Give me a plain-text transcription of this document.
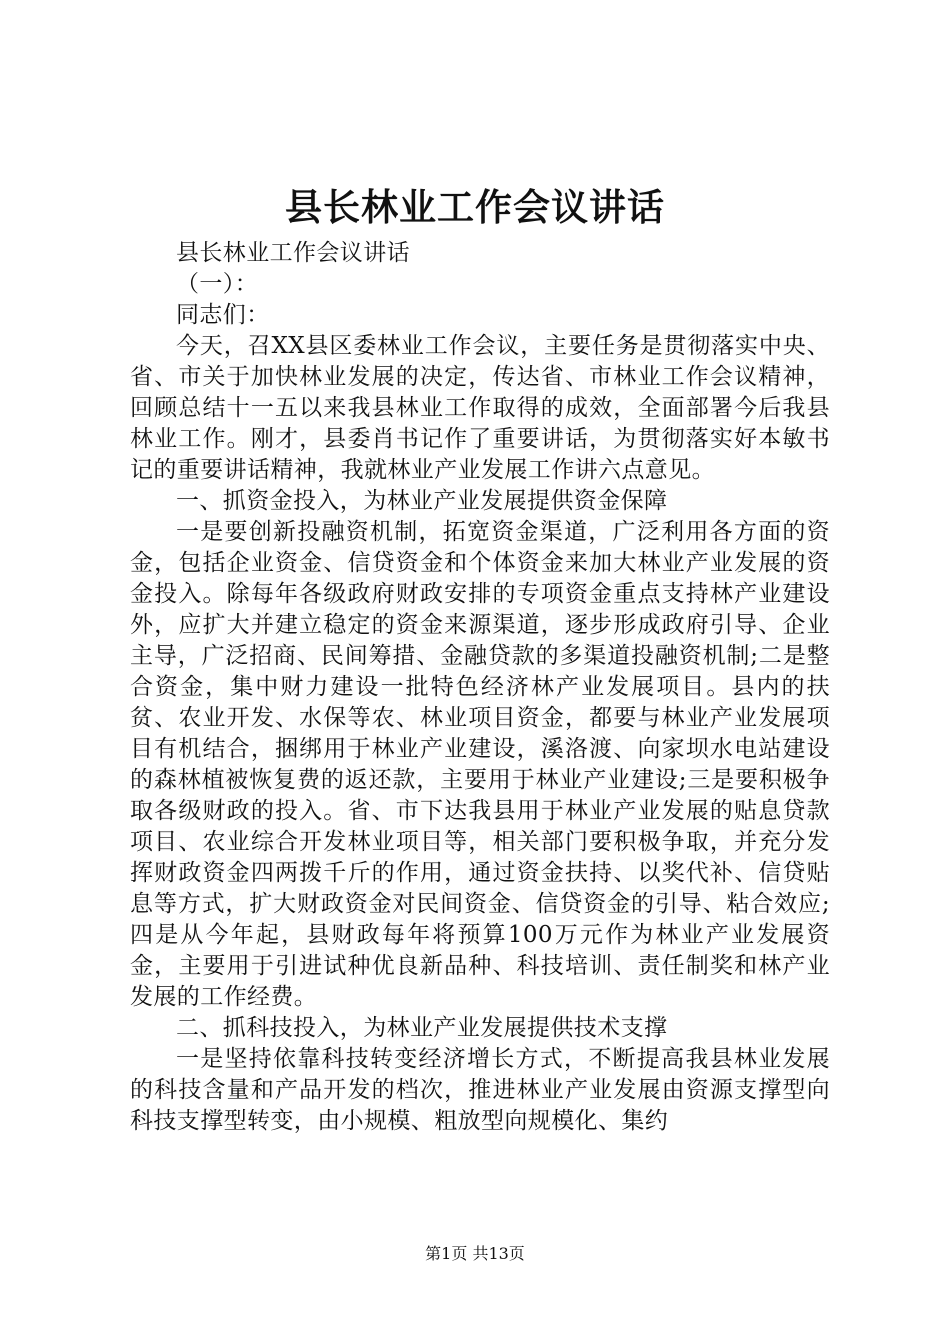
县长林业工作会议讲话

县长林业工作会议讲话

（一）：

同志们：

今天，召XX县区委林业工作会议，主要任务是贯彻落实中央、省、市关于加快林业发展的决定，传达省、市林业工作会议精神，回顾总结十一五以来我县林业工作取得的成效，全面部署今后我县林业工作。刚才，县委肖书记作了重要讲话，为贯彻落实好本敏书记的重要讲话精神，我就林业产业发展工作讲六点意见。

一、抓资金投入，为林业产业发展提供资金保障

一是要创新投融资机制，拓宽资金渠道，广泛利用各方面的资金，包括企业资金、信贷资金和个体资金来加大林业产业发展的资金投入。除每年各级政府财政安排的专项资金重点支持林产业建设外，应扩大并建立稳定的资金来源渠道，逐步形成政府引导、企业主导，广泛招商、民间筹措、金融贷款的多渠道投融资机制;二是整合资金，集中财力建设一批特色经济林产业发展项目。县内的扶贫、农业开发、水保等农、林业项目资金，都要与林业产业发展项目有机结合，捆绑用于林业产业建设，溪洛渡、向家坝水电站建设的森林植被恢复费的返还款，主要用于林业产业建设;三是要积极争取各级财政的投入。省、市下达我县用于林业产业发展的贴息贷款项目、农业综合开发林业项目等，相关部门要积极争取，并充分发挥财政资金四两拨千斤的作用，通过资金扶持、以奖代补、信贷贴息等方式，扩大财政资金对民间资金、信贷资金的引导、粘合效应;四是从今年起，县财政每年将预算100万元作为林业产业发展资金，主要用于引进试种优良新品种、科技培训、责任制奖和林产业发展的工作经费。

二、抓科技投入，为林业产业发展提供技术支撑

一是坚持依靠科技转变经济增长方式，不断提高我县林业发展的科技含量和产品开发的档次，推进林业产业发展由资源支撑型向科技支撑型转变，由小规模、粗放型向规模化、集约

第1页 共13页
